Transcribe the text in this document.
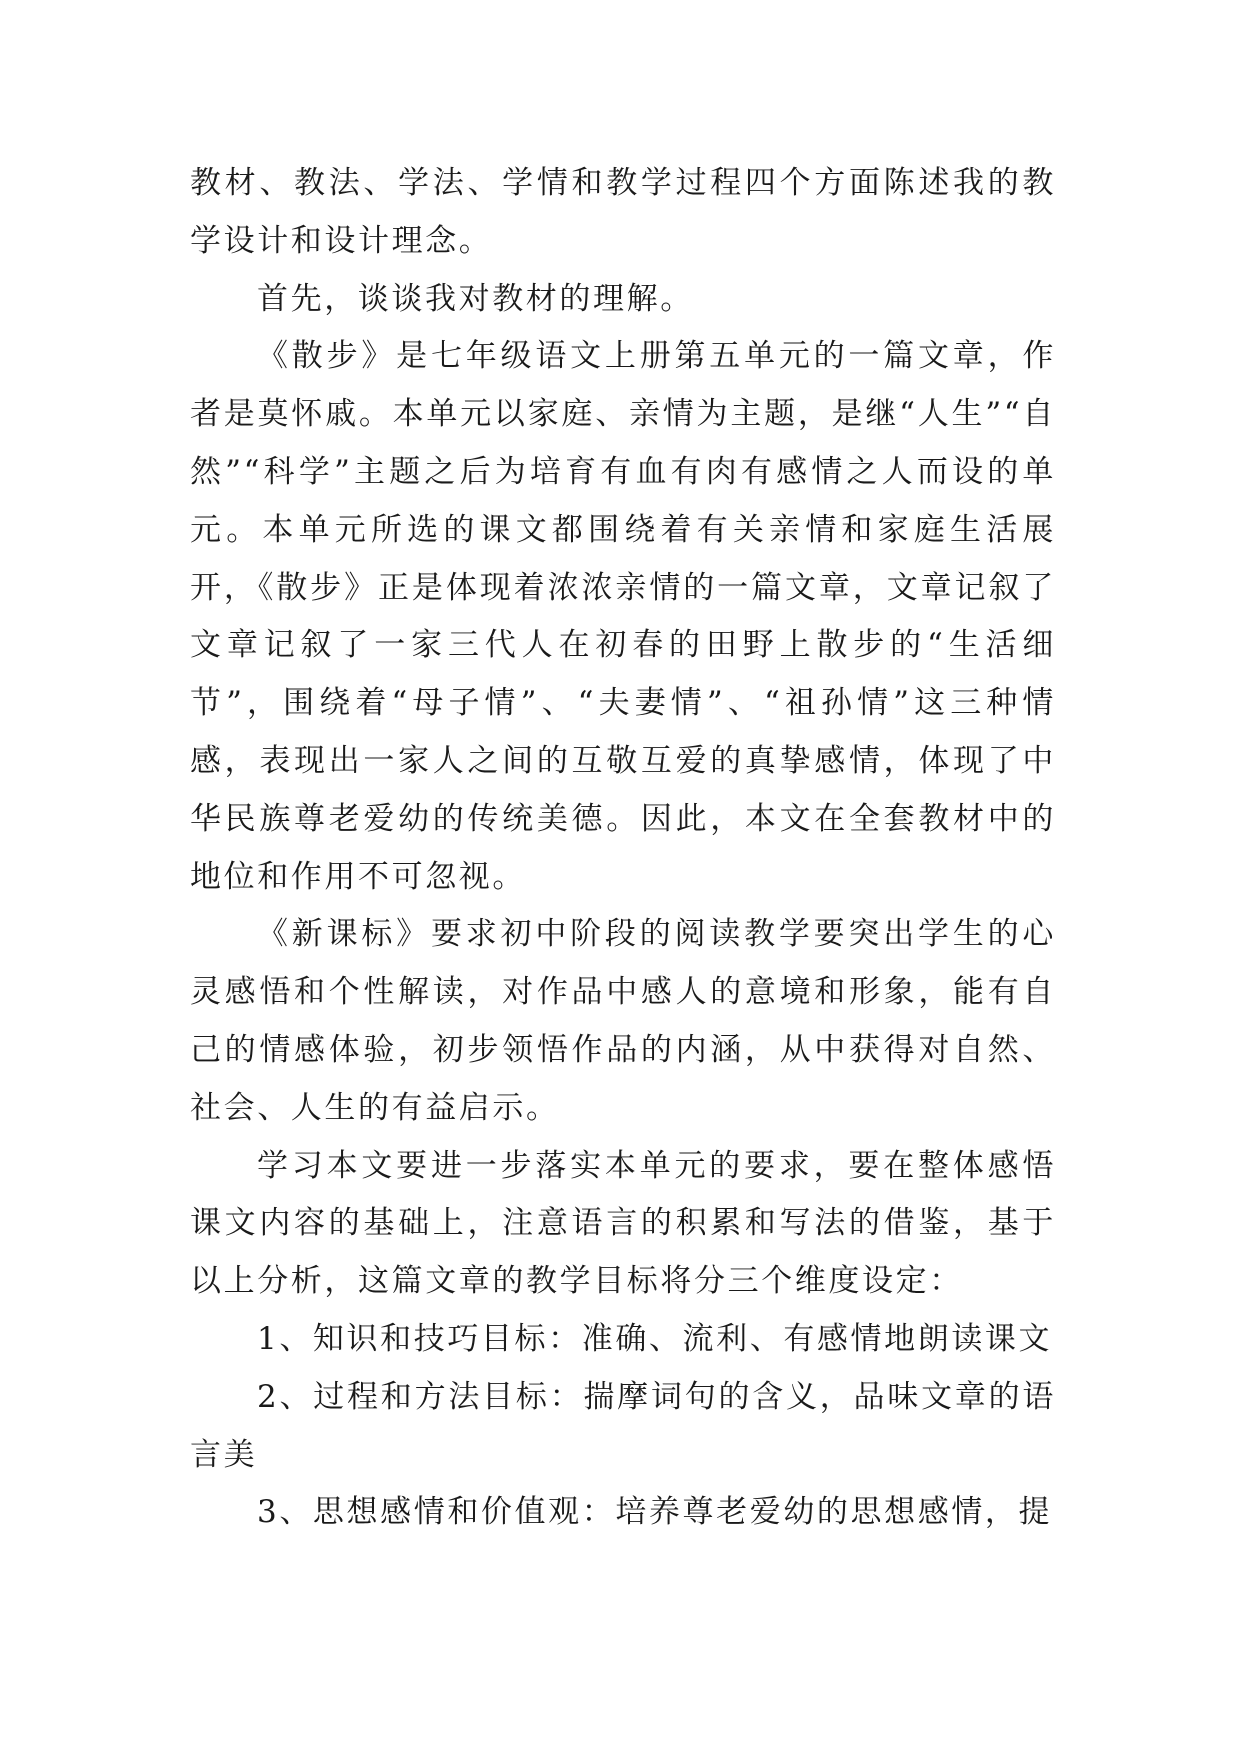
教材、教法、学法、学情和教学过程四个方面陈述我的教学设计和设计理念。

首先，谈谈我对教材的理解。

《散步》是七年级语文上册第五单元的一篇文章，作者是莫怀戚。本单元以家庭、亲情为主题，是继“人生”“自然”“科学”主题之后为培育有血有肉有感情之人而设的单元。本单元所选的课文都围绕着有关亲情和家庭生活展开，《散步》正是体现着浓浓亲情的一篇文章，文章记叙了文章记叙了一家三代人在初春的田野上散步的“生活细节”，围绕着“母子情”、“夫妻情”、“祖孙情”这三种情感，表现出一家人之间的互敬互爱的真挚感情，体现了中华民族尊老爱幼的传统美德。因此，本文在全套教材中的地位和作用不可忽视。

《新课标》要求初中阶段的阅读教学要突出学生的心灵感悟和个性解读，对作品中感人的意境和形象，能有自己的情感体验，初步领悟作品的内涵，从中获得对自然、社会、人生的有益启示。

学习本文要进一步落实本单元的要求，要在整体感悟课文内容的基础上，注意语言的积累和写法的借鉴，基于以上分析，这篇文章的教学目标将分三个维度设定：

1、知识和技巧目标：准确、流利、有感情地朗读课文

2、过程和方法目标：揣摩词句的含义，品味文章的语言美

3、思想感情和价值观：培养尊老爱幼的思想感情，提
